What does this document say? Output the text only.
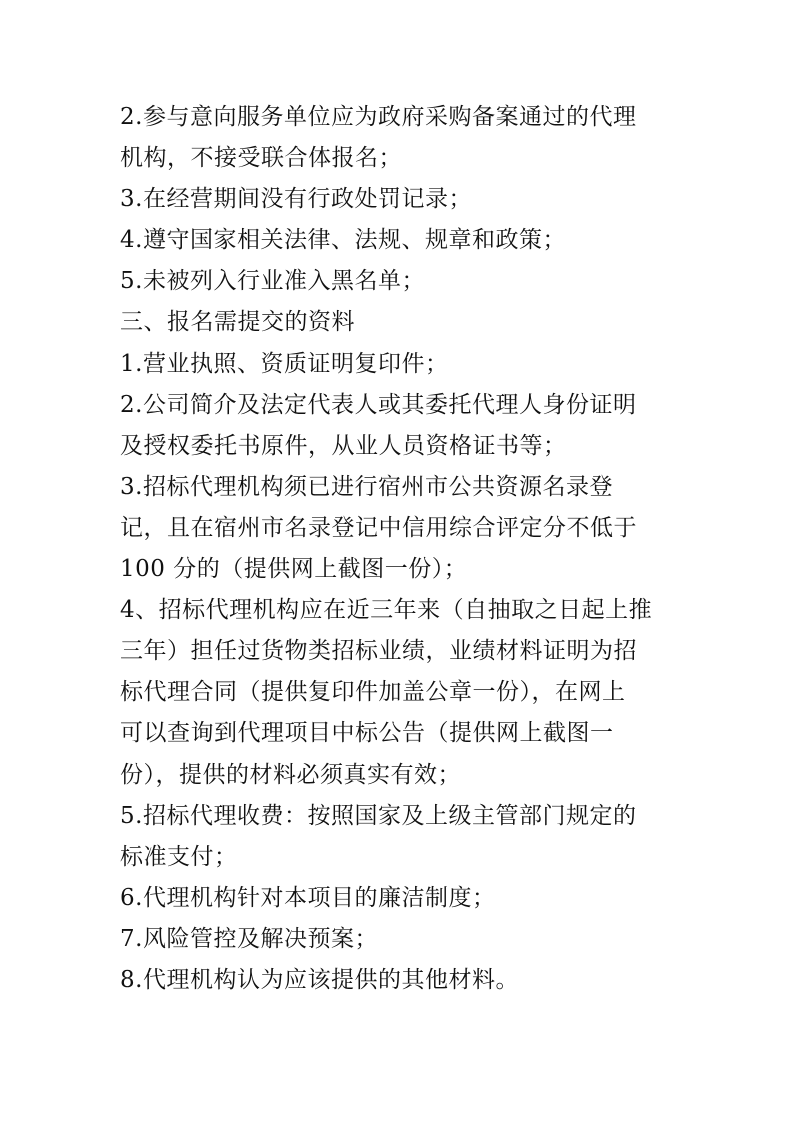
2.参与意向服务单位应为政府采购备案通过的代理
机构，不接受联合体报名；
3.在经营期间没有行政处罚记录；
4.遵守国家相关法律、法规、规章和政策；
5.未被列入行业准入黑名单；
三、报名需提交的资料
1.营业执照、资质证明复印件；
2.公司简介及法定代表人或其委托代理人身份证明
及授权委托书原件，从业人员资格证书等；
3.招标代理机构须已进行宿州市公共资源名录登
记，且在宿州市名录登记中信用综合评定分不低于
100 分的（提供网上截图一份）；
4、招标代理机构应在近三年来（自抽取之日起上推
三年）担任过货物类招标业绩，业绩材料证明为招
标代理合同（提供复印件加盖公章一份），在网上
可以查询到代理项目中标公告（提供网上截图一
份），提供的材料必须真实有效；
5.招标代理收费：按照国家及上级主管部门规定的
标准支付；
6.代理机构针对本项目的廉洁制度；
7.风险管控及解决预案；
8.代理机构认为应该提供的其他材料。
